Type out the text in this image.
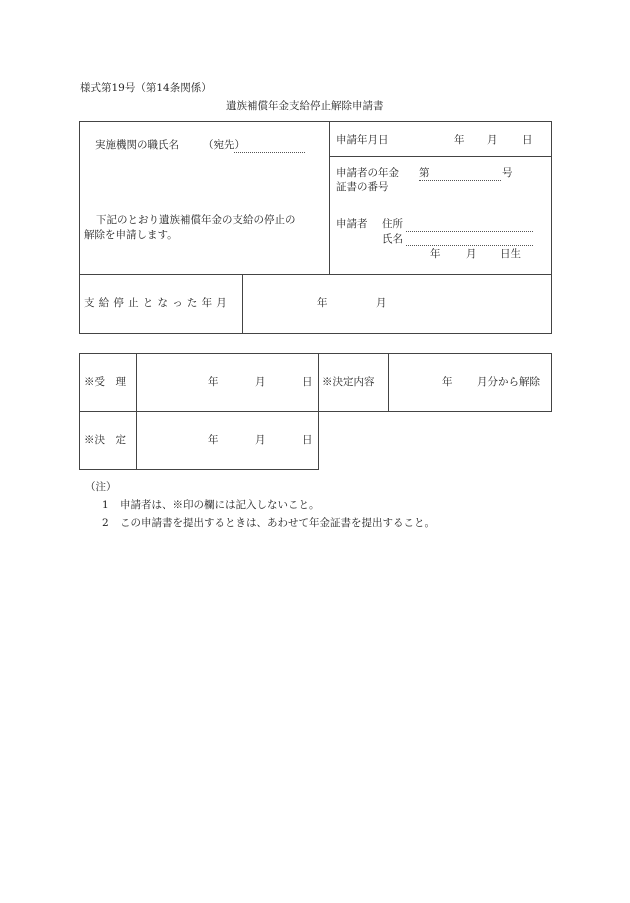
様式第19号（第14条関係）
遺族補償年金支給停止解除申請書
実施機関の職氏名 （宛先）	申請年月日	年 月 日
申請者の年金
証書の番号
第	号
下記のとおり遺族補償年金の支給の停止の
解除を申請します。
申請者 住所
氏名
年 月 日生
支給停止となった年月	年	月
※受　理	年	月	日 ※決定内容	年 月分から解除
※決　定	年	月	日
（注）
1 申請者は、※印の欄には記入しないこと。
2 この申請書を提出するときは、あわせて年金証書を提出すること。
